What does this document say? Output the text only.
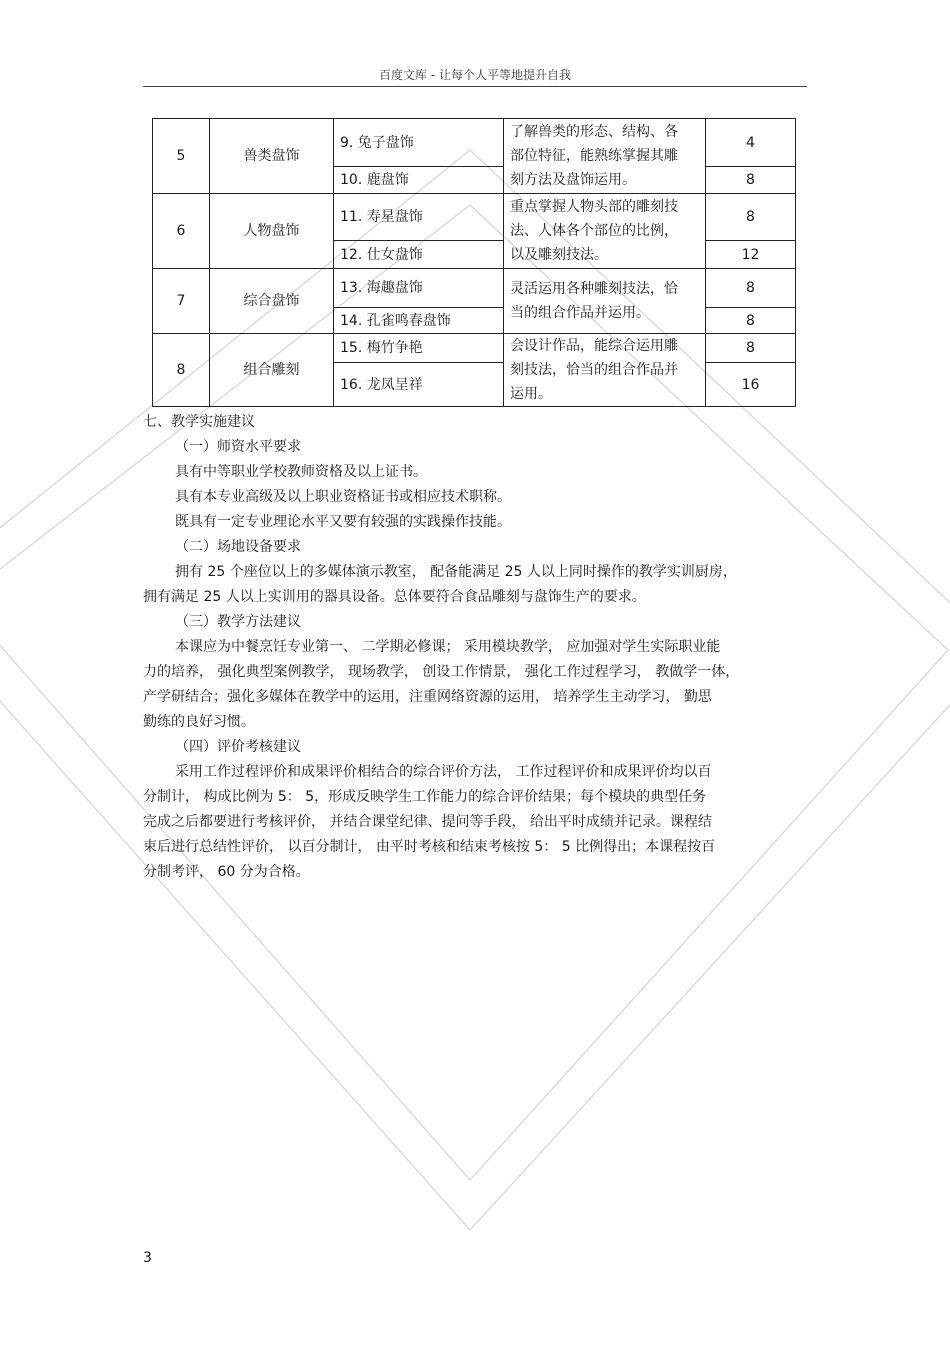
百度文库 - 让每个人平等地提升自我
5	兽类盘饰	9. 兔子盘饰	了解兽类的形态、结构、各部位特征，能熟练掌握其雕刻方法及盘饰运用。	4
		10. 鹿盘饰		8
6	人物盘饰	11. 寿星盘饰	重点掌握人物头部的雕刻技法、人体各个部位的比例，以及雕刻技法。	8
		12. 仕女盘饰		12
7	综合盘饰	13. 海趣盘饰	灵活运用各种雕刻技法，恰当的组合作品并运用。	8
		14. 孔雀鸣春盘饰		8
8	组合雕刻	15. 梅竹争艳	会设计作品，能综合运用雕刻技法，恰当的组合作品并运用。	8
		16. 龙凤呈祥		16

七、教学实施建议

（一）师资水平要求

具有中等职业学校教师资格及以上证书。

具有本专业高级及以上职业资格证书或相应技术职称。

既具有一定专业理论水平又要有较强的实践操作技能。

（二）场地设备要求

拥有 25 个座位以上的多媒体演示教室， 配备能满足 25 人以上同时操作的教学实训厨房，

拥有满足 25 人以上实训用的器具设备。总体要符合食品雕刻与盘饰生产的要求。

（三）教学方法建议

本课应为中餐烹饪专业第一、 二学期必修课； 采用模块教学， 应加强对学生实际职业能

力的培养， 强化典型案例教学， 现场教学， 创设工作情景， 强化工作过程学习， 教做学一体，

产学研结合；强化多媒体在教学中的运用，注重网络资源的运用， 培养学生主动学习， 勤思

勤练的良好习惯。

（四）评价考核建议

采用工作过程评价和成果评价相结合的综合评价方法， 工作过程评价和成果评价均以百

分制计， 构成比例为 5： 5，形成反映学生工作能力的综合评价结果；每个模块的典型任务

完成之后都要进行考核评价， 并结合课堂纪律、提问等手段， 给出平时成绩并记录。课程结

束后进行总结性评价， 以百分制计， 由平时考核和结束考核按 5： 5 比例得出；本课程按百

分制考评， 60 分为合格。

3
